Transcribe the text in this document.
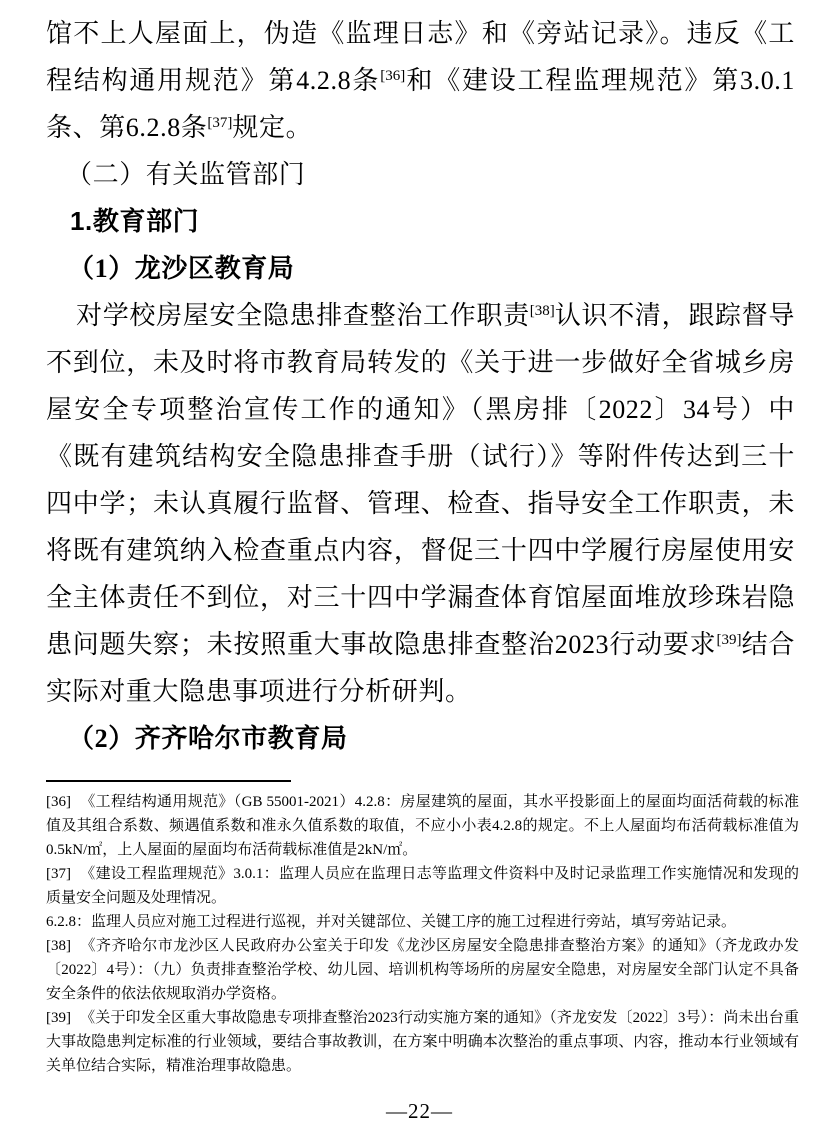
馆不上人屋面上，伪造《监理日志》和《旁站记录》。违反《工程结构通用规范》第4.2.8条[36]和《建设工程监理规范》第3.0.1条、第6.2.8条[37]规定。

（二）有关监管部门

1.教育部门

（1）龙沙区教育局

对学校房屋安全隐患排查整治工作职责[38]认识不清，跟踪督导不到位，未及时将市教育局转发的《关于进一步做好全省城乡房屋安全专项整治宣传工作的通知》（黑房排〔2022〕34号）中《既有建筑结构安全隐患排查手册（试行）》等附件传达到三十四中学；未认真履行监督、管理、检查、指导安全工作职责，未将既有建筑纳入检查重点内容，督促三十四中学履行房屋使用安全主体责任不到位，对三十四中学漏查体育馆屋面堆放珍珠岩隐患问题失察；未按照重大事故隐患排查整治2023行动要求[39]结合实际对重大隐患事项进行分析研判。

（2）齐齐哈尔市教育局

[36] 《工程结构通用规范》（GB 55001-2021）4.2.8：房屋建筑的屋面，其水平投影面上的屋面均面活荷载的标准值及其组合系数、频遇值系数和准永久值系数的取值，不应小小表4.2.8的规定。不上人屋面均布活荷载标准值为 0.5kN/㎡，上人屋面的屋面均布活荷载标准值是2kN/㎡。

[37] 《建设工程监理规范》3.0.1：监理人员应在监理日志等监理文件资料中及时记录监理工作实施情况和发现的质量安全问题及处理情况。

6.2.8：监理人员应对施工过程进行巡视，并对关键部位、关键工序的施工过程进行旁站，填写旁站记录。

[38] 《齐齐哈尔市龙沙区人民政府办公室关于印发《龙沙区房屋安全隐患排查整治方案》的通知》（齐龙政办发〔2022〕4号）：（九）负责排查整治学校、幼儿园、培训机构等场所的房屋安全隐患，对房屋安全部门认定不具备安全条件的依法依规取消办学资格。

[39] 《关于印发全区重大事故隐患专项排查整治2023行动实施方案的通知》（齐龙安发〔2022〕3号）：尚未出台重大事故隐患判定标准的行业领域，要结合事故教训，在方案中明确本次整治的重点事项、内容，推动本行业领域有关单位结合实际，精准治理事故隐患。

—22—
